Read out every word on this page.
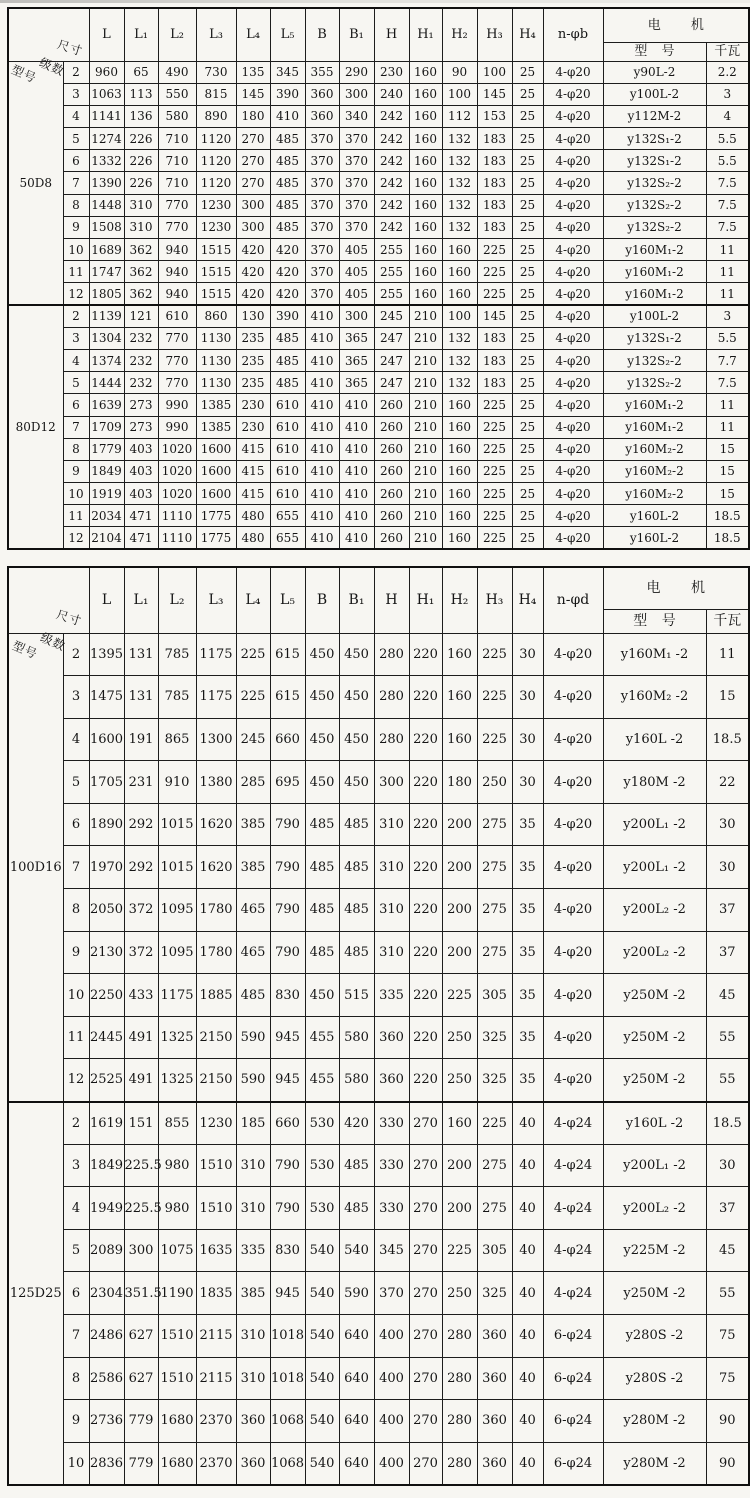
尺寸
级数
型号		L	L₁	L₂	L₃	L₄	L₅	B	B₁	H	H₁	H₂	H₃	H₄	n-φb	电 机	
																型 号	千瓦
50D8	2	960	65	490	730	135	345	355	290	230	160	90	100	25	4-φ20	y90L-2	2.2
	3	1063	113	550	815	145	390	360	300	240	160	100	145	25	4-φ20	y100L-2	3
	4	1141	136	580	890	180	410	360	340	242	160	112	153	25	4-φ20	y112M-2	4
	5	1274	226	710	1120	270	485	370	370	242	160	132	183	25	4-φ20	y132S₁-2	5.5
	6	1332	226	710	1120	270	485	370	370	242	160	132	183	25	4-φ20	y132S₁-2	5.5
	7	1390	226	710	1120	270	485	370	370	242	160	132	183	25	4-φ20	y132S₂-2	7.5
	8	1448	310	770	1230	300	485	370	370	242	160	132	183	25	4-φ20	y132S₂-2	7.5
	9	1508	310	770	1230	300	485	370	370	242	160	132	183	25	4-φ20	y132S₂-2	7.5
	10	1689	362	940	1515	420	420	370	405	255	160	160	225	25	4-φ20	y160M₁-2	11
	11	1747	362	940	1515	420	420	370	405	255	160	160	225	25	4-φ20	y160M₁-2	11
	12	1805	362	940	1515	420	420	370	405	255	160	160	225	25	4-φ20	y160M₁-2	11
80D12	2	1139	121	610	860	130	390	410	300	245	210	100	145	25	4-φ20	y100L-2	3
	3	1304	232	770	1130	235	485	410	365	247	210	132	183	25	4-φ20	y132S₁-2	5.5
	4	1374	232	770	1130	235	485	410	365	247	210	132	183	25	4-φ20	y132S₂-2	7.7
	5	1444	232	770	1130	235	485	410	365	247	210	132	183	25	4-φ20	y132S₂-2	7.5
	6	1639	273	990	1385	230	610	410	410	260	210	160	225	25	4-φ20	y160M₁-2	11
	7	1709	273	990	1385	230	610	410	410	260	210	160	225	25	4-φ20	y160M₁-2	11
	8	1779	403	1020	1600	415	610	410	410	260	210	160	225	25	4-φ20	y160M₂-2	15
	9	1849	403	1020	1600	415	610	410	410	260	210	160	225	25	4-φ20	y160M₂-2	15
	10	1919	403	1020	1600	415	610	410	410	260	210	160	225	25	4-φ20	y160M₂-2	15
	11	2034	471	1110	1775	480	655	410	410	260	210	160	225	25	4-φ20	y160L-2	18.5
	12	2104	471	1110	1775	480	655	410	410	260	210	160	225	25	4-φ20	y160L-2	18.5
尺寸
级数
型号		L	L₁	L₂	L₃	L₄	L₅	B	B₁	H	H₁	H₂	H₃	H₄	n-φd	电 机	
																型 号	千瓦
100D16	2	1395	131	785	1175	225	615	450	450	280	220	160	225	30	4-φ20	y160M₁ -2	11
	3	1475	131	785	1175	225	615	450	450	280	220	160	225	30	4-φ20	y160M₂ -2	15
	4	1600	191	865	1300	245	660	450	450	280	220	160	225	30	4-φ20	y160L -2	18.5
	5	1705	231	910	1380	285	695	450	450	300	220	180	250	30	4-φ20	y180M -2	22
	6	1890	292	1015	1620	385	790	485	485	310	220	200	275	35	4-φ20	y200L₁ -2	30
	7	1970	292	1015	1620	385	790	485	485	310	220	200	275	35	4-φ20	y200L₁ -2	30
	8	2050	372	1095	1780	465	790	485	485	310	220	200	275	35	4-φ20	y200L₂ -2	37
	9	2130	372	1095	1780	465	790	485	485	310	220	200	275	35	4-φ20	y200L₂ -2	37
	10	2250	433	1175	1885	485	830	450	515	335	220	225	305	35	4-φ20	y250M -2	45
	11	2445	491	1325	2150	590	945	455	580	360	220	250	325	35	4-φ20	y250M -2	55
	12	2525	491	1325	2150	590	945	455	580	360	220	250	325	35	4-φ20	y250M -2	55
125D25	2	1619	151	855	1230	185	660	530	420	330	270	160	225	40	4-φ24	y160L -2	18.5
	3	1849	225.5	980	1510	310	790	530	485	330	270	200	275	40	4-φ24	y200L₁ -2	30
	4	1949	225.5	980	1510	310	790	530	485	330	270	200	275	40	4-φ24	y200L₂ -2	37
	5	2089	300	1075	1635	335	830	540	540	345	270	225	305	40	4-φ24	y225M -2	45
	6	2304	351.5	1190	1835	385	945	540	590	370	270	250	325	40	4-φ24	y250M -2	55
	7	2486	627	1510	2115	310	1018	540	640	400	270	280	360	40	6-φ24	y280S -2	75
	8	2586	627	1510	2115	310	1018	540	640	400	270	280	360	40	6-φ24	y280S -2	75
	9	2736	779	1680	2370	360	1068	540	640	400	270	280	360	40	6-φ24	y280M -2	90
	10	2836	779	1680	2370	360	1068	540	640	400	270	280	360	40	6-φ24	y280M -2	90
